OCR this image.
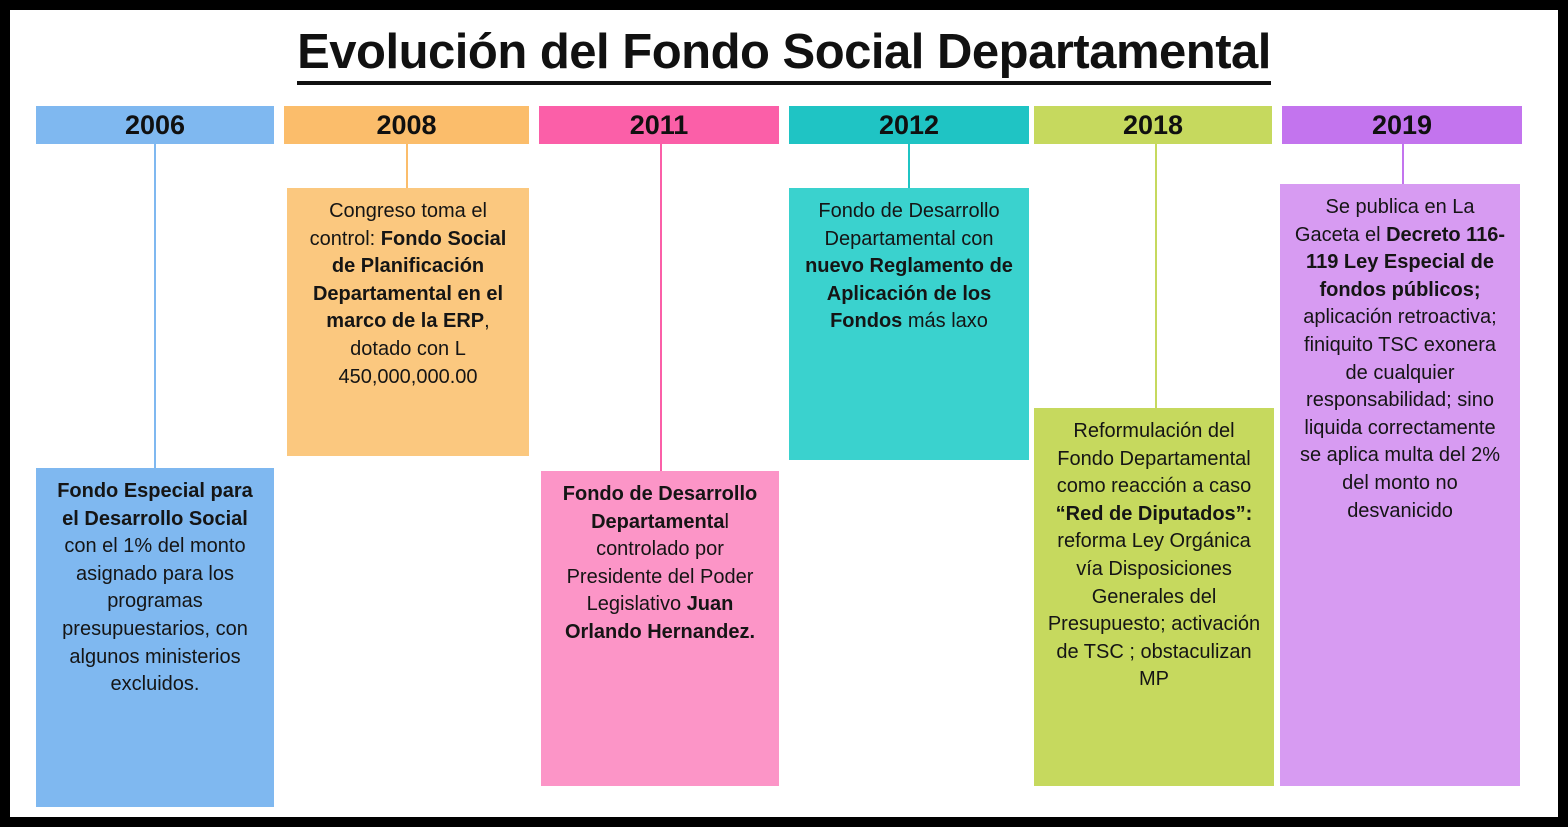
Evolución del Fondo Social Departamental
2006
Fondo Especial para el Desarrollo Social con el 1% del monto asignado para los programas presupuestarios, con algunos ministerios excluidos.
2008
Congreso toma el control: Fondo Social de Planificación Departamental en el marco de la ERP, dotado con L 450,000,000.00
2011
Fondo de Desarrollo Departamental controlado por Presidente del Poder Legislativo Juan Orlando Hernandez.
2012
Fondo de Desarrollo Departamental con nuevo Reglamento de Aplicación de los Fondos más laxo
2018
Reformulación del Fondo Departamental como reacción a caso “Red de Diputados”: reforma Ley Orgánica vía Disposiciones Generales del Presupuesto; activación de TSC ; obstaculizan MP
2019
Se publica en La Gaceta el Decreto 116-119 Ley Especial de fondos públicos; aplicación retroactiva; finiquito TSC exonera de cualquier responsabilidad; sino liquida correctamente se aplica multa del 2% del monto no desvanicido
